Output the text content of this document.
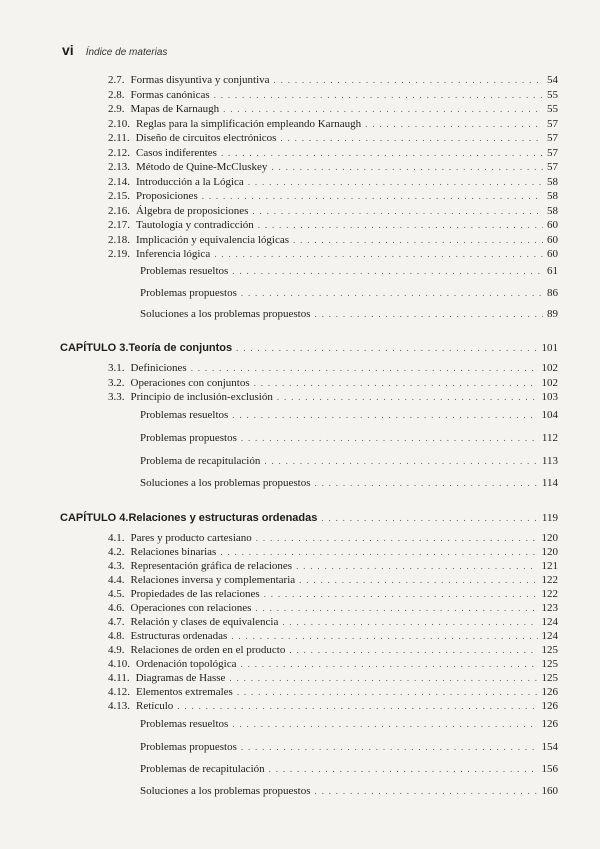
vi Índice de materias
2.7. Formas disyuntiva y conjuntiva . . .	54
2.8. Formas canónicas . . .	55
2.9. Mapas de Karnaugh . . .	55
2.10. Reglas para la simplificación empleando Karnaugh . . .	57
2.11. Diseño de circuitos electrónicos . . .	57
2.12. Casos indiferentes . . .	57
2.13. Método de Quine-McCluskey . . .	57
2.14. Introducción a la Lógica . . .	58
2.15. Proposiciones . . .	58
2.16. Álgebra de proposiciones . . .	58
2.17. Tautología y contradicción . . .	60
2.18. Implicación y equivalencia lógicas . . .	60
2.19. Inferencia lógica . . .	60
Problemas resueltos . . .	61
Problemas propuestos . . .	86
Soluciones a los problemas propuestos . . .	89
CAPÍTULO 3. Teoría de conjuntos . . .	101
3.1. Definiciones . . .	102
3.2. Operaciones con conjuntos . . .	102
3.3. Principio de inclusión-exclusión . . .	103
Problemas resueltos . . .	104
Problemas propuestos . . .	112
Problema de recapitulación . . .	113
Soluciones a los problemas propuestos . . .	114
CAPÍTULO 4. Relaciones y estructuras ordenadas . . .	119
4.1. Pares y producto cartesiano . . .	120
4.2. Relaciones binarias . . .	120
4.3. Representación gráfica de relaciones . . .	121
4.4. Relaciones inversa y complementaria . . .	122
4.5. Propiedades de las relaciones . . .	122
4.6. Operaciones con relaciones . . .	123
4.7. Relación y clases de equivalencia . . .	124
4.8. Estructuras ordenadas . . .	124
4.9. Relaciones de orden en el producto . . .	125
4.10. Ordenación topológica . . .	125
4.11. Diagramas de Hasse . . .	125
4.12. Elementos extremales . . .	126
4.13. Retículo . . .	126
Problemas resueltos . . .	126
Problemas propuestos . . .	154
Problemas de recapitulación . . .	156
Soluciones a los problemas propuestos . . .	160
